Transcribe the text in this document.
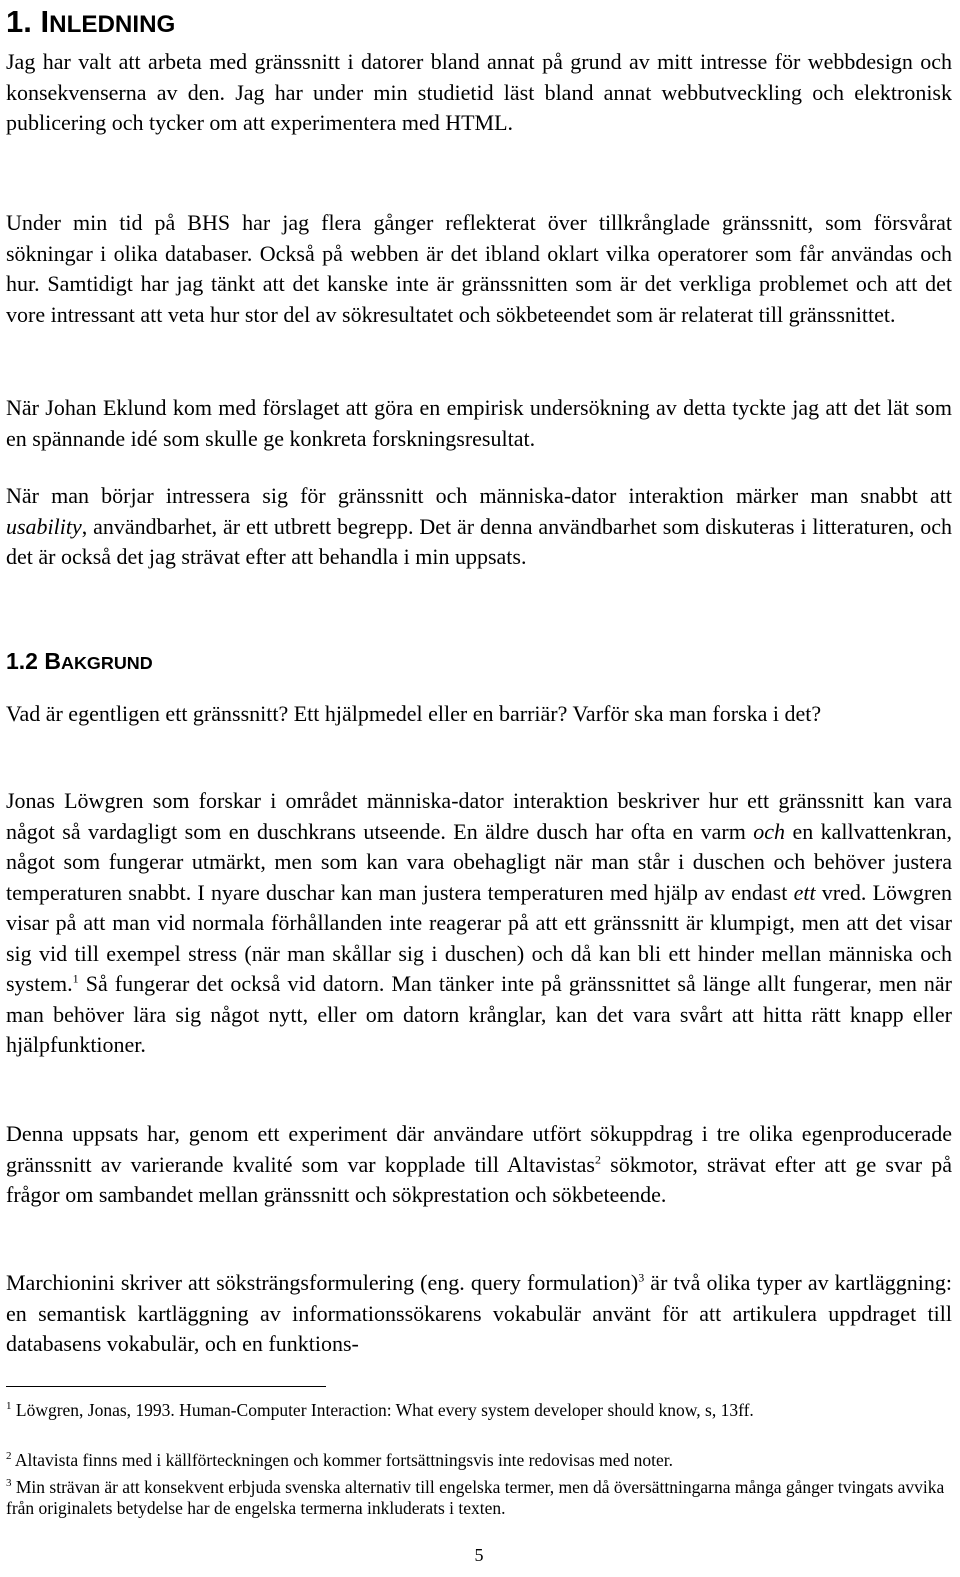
1. INLEDNING

Jag har valt att arbeta med gränssnitt i datorer bland annat på grund av mitt intresse för webbdesign och konsekvenserna av den. Jag har under min studietid läst bland annat webbutveckling och elektronisk publicering och tycker om att experimentera med HTML.

Under min tid på BHS har jag flera gånger reflekterat över tillkrånglade gränssnitt, som försvårat sökningar i olika databaser. Också på webben är det ibland oklart vilka operatorer som får användas och hur. Samtidigt har jag tänkt att det kanske inte är gränssnitten som är det verkliga problemet och att det vore intressant att veta hur stor del av sökresultatet och sökbeteendet som är relaterat till gränssnittet.

När Johan Eklund kom med förslaget att göra en empirisk undersökning av detta tyckte jag att det lät som en spännande idé som skulle ge konkreta forskningsresultat.

När man börjar intressera sig för gränssnitt och människa-dator interaktion märker man snabbt att usability, användbarhet, är ett utbrett begrepp. Det är denna användbarhet som diskuteras i litteraturen, och det är också det jag strävat efter att behandla i min uppsats.

1.2 BAKGRUND

Vad är egentligen ett gränssnitt? Ett hjälpmedel eller en barriär? Varför ska man forska i det?

Jonas Löwgren som forskar i området människa-dator interaktion beskriver hur ett gränssnitt kan vara något så vardagligt som en duschkrans utseende. En äldre dusch har ofta en varm och en kallvattenkran, något som fungerar utmärkt, men som kan vara obehagligt när man står i duschen och behöver justera temperaturen snabbt. I nyare duschar kan man justera temperaturen med hjälp av endast ett vred. Löwgren visar på att man vid normala förhållanden inte reagerar på att ett gränssnitt är klumpigt, men att det visar sig vid till exempel stress (när man skållar sig i duschen) och då kan bli ett hinder mellan människa och system.$^1$ Så fungerar det också vid datorn. Man tänker inte på gränssnittet så länge allt fungerar, men när man behöver lära sig något nytt, eller om datorn krånglar, kan det vara svårt att hitta rätt knapp eller hjälpfunktioner.

Denna uppsats har, genom ett experiment där användare utfört sökuppdrag i tre olika egenproducerade gränssnitt av varierande kvalité som var kopplade till Altavistas$^2$ sökmotor, strävat efter att ge svar på frågor om sambandet mellan gränssnitt och sökprestation och sökbeteende.

Marchionini skriver att söksträngsformulering (eng. query formulation)$^3$ är två olika typer av kartläggning: en semantisk kartläggning av informationssökarens vokabulär använt för att artikulera uppdraget till databasens vokabulär, och en funktions-

$^1$ Löwgren, Jonas, 1993. Human-Computer Interaction: What every system developer should know, s, 13ff.
$^2$ Altavista finns med i källförteckningen och kommer fortsättningsvis inte redovisas med noter.
$^3$ Min strävan är att konsekvent erbjuda svenska alternativ till engelska termer, men då översättningarna många gånger tvingats avvika från originalets betydelse har de engelska termerna inkluderats i texten.
5
